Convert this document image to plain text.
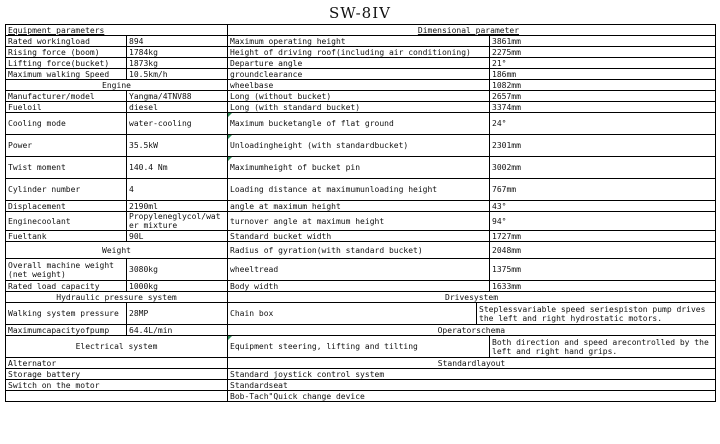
SW-8IV
Equipment parameters		Dimensional parameter		
Rated workingload	894	Maximum operating height		3861mm
Rising force (boom)	1784kg	Height of driving roof(including air conditioning)		2275mm
Lifting force(bucket)	1873kg	Departure angle		21°
Maximum walking Speed	10.5km/h	groundclearance		186mm
Engine		wheelbase		1082mm
Manufacturer/model	Yangma/4TNV88	Long (without bucket)		2657mm
Fueloil	diesel	Long (with standard bucket)		3374mm
Cooling mode	water-cooling	Maximum bucketangle of flat ground		24°
Power	35.5kW	Unloadingheight (with standardbucket)		2301mm
Twist moment	140.4 Nm	Maximumheight of bucket pin		3002mm
Cylinder number	4	Loading distance at maximumunloading height		767mm
Displacement	2190ml	angle at maximum height		43°
Enginecoolant	Propyleneglycol/water mixture	turnover angle at maximum height		94°
Fueltank	90L	Standard bucket width		1727mm
Weight		Radius of gyration(with standard bucket)		2048mm
Overall machine weight (net weight)	3080kg	wheeltread		1375mm
Rated load capacity	1000kg	Body width		1633mm
Hydraulic pressure system		Drivesystem		
Walking system pressure	28MP	Chain box	Steplessvariable speed seriespiston pump drives the left and right hydrostatic motors.	
Maximumcapacityofpump	64.4L/min	Operatorschema		
Electrical system		Equipment steering, lifting and tilting		Both direction and speed arecontrolled by the left and right hand grips.
Alternator		Standardlayout		
Storage battery		Standard joystick control system		
Switch on the motor		Standardseat		
		Bob-Tach"Quick change device		
